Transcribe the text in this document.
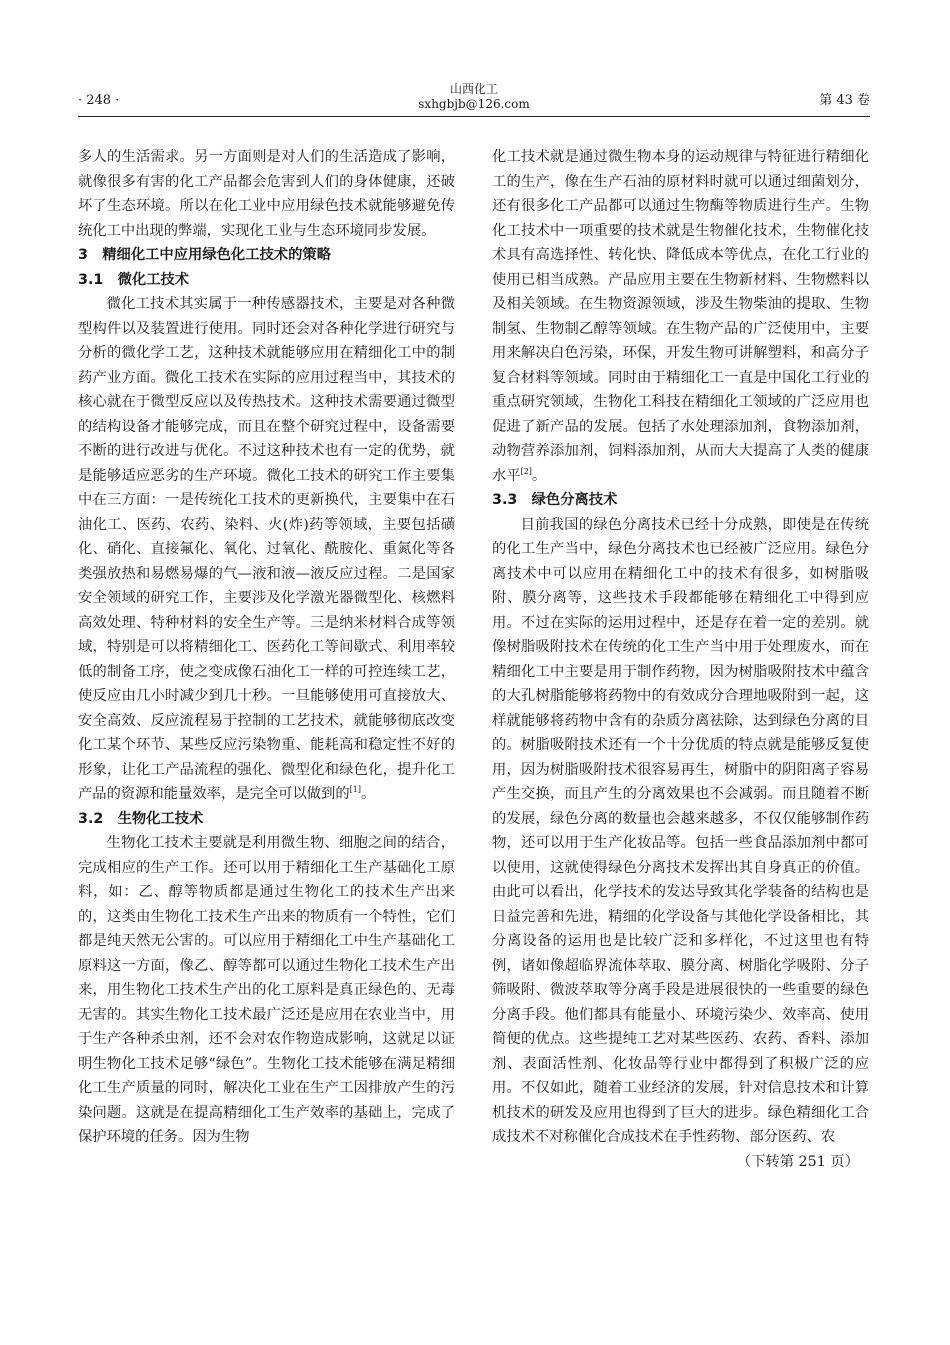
· 248 ·
山西化工
sxhgbjb@126.com	第 43 卷

多人的生活需求。另一方面则是对人们的生活造成了影响，就像很多有害的化工产品都会危害到人们的身体健康，还破坏了生态环境。所以在化工业中应用绿色技术就能够避免传统化工中出现的弊端，实现化工业与生态环境同步发展。

3 精细化工中应用绿色化工技术的策略
3.1 微化工技术

微化工技术其实属于一种传感器技术，主要是对各种微型构件以及装置进行使用。同时还会对各种化学进行研究与分析的微化学工艺，这种技术就能够应用在精细化工中的制药产业方面。微化工技术在实际的应用过程当中，其技术的核心就在于微型反应以及传热技术。这种技术需要通过微型的结构设备才能够完成，而且在整个研究过程中，设备需要不断的进行改进与优化。不过这种技术也有一定的优势，就是能够适应恶劣的生产环境。微化工技术的研究工作主要集中在三方面：一是传统化工技术的更新换代，主要集中在石油化工、医药、农药、染料、火(炸)药等领域，主要包括磺化、硝化、直接氟化、氧化、过氧化、酰胺化、重氮化等各类强放热和易燃易爆的气—液和液—液反应过程。二是国家安全领域的研究工作，主要涉及化学激光器微型化、核燃料高效处理、特种材料的安全生产等。三是纳米材料合成等领域，特别是可以将精细化工、医药化工等间歇式、利用率较低的制备工序，使之变成像石油化工一样的可控连续工艺，使反应由几小时减少到几十秒。一旦能够使用可直接放大、安全高效、反应流程易于控制的工艺技术，就能够彻底改变化工某个环节、某些反应污染物重、能耗高和稳定性不好的形象，让化工产品流程的强化、微型化和绿色化，提升化工产品的资源和能量效率，是完全可以做到的[1]。

3.2 生物化工技术

生物化工技术主要就是利用微生物、细胞之间的结合，完成相应的生产工作。还可以用于精细化工生产基础化工原料，如：乙、醇等物质都是通过生物化工的技术生产出来的，这类由生物化工技术生产出来的物质有一个特性，它们都是纯天然无公害的。可以应用于精细化工中生产基础化工原料这一方面，像乙、醇等都可以通过生物化工技术生产出来，用生物化工技术生产出的化工原料是真正绿色的、无毒无害的。其实生物化工技术最广泛还是应用在农业当中，用于生产各种杀虫剂，还不会对农作物造成影响，这就足以证明生物化工技术足够“绿色”。生物化工技术能够在满足精细化工生产质量的同时，解决化工业在生产工因排放产生的污染问题。这就是在提高精细化工生产效率的基础上，完成了保护环境的任务。因为生物

化工技术就是通过微生物本身的运动规律与特征进行精细化工的生产，像在生产石油的原材料时就可以通过细菌划分，还有很多化工产品都可以通过生物酶等物质进行生产。生物化工技术中一项重要的技术就是生物催化技术，生物催化技术具有高选择性、转化快、降低成本等优点，在化工行业的使用已相当成熟。产品应用主要在生物新材料、生物燃料以及相关领域。在生物资源领域，涉及生物柴油的提取、生物制氢、生物制乙醇等领域。在生物产品的广泛使用中，主要用来解决白色污染，环保，开发生物可讲解塑料，和高分子复合材料等领域。同时由于精细化工一直是中国化工行业的重点研究领域，生物化工科技在精细化工领域的广泛应用也促进了新产品的发展。包括了水处理添加剂，食物添加剂，动物营养添加剂，饲料添加剂，从而大大提高了人类的健康水平[2]。

3.3 绿色分离技术

目前我国的绿色分离技术已经十分成熟，即使是在传统的化工生产当中，绿色分离技术也已经被广泛应用。绿色分离技术中可以应用在精细化工中的技术有很多，如树脂吸附、膜分离等，这些技术手段都能够在精细化工中得到应用。不过在实际的运用过程中，还是存在着一定的差别。就像树脂吸附技术在传统的化工生产当中用于处理废水，而在精细化工中主要是用于制作药物，因为树脂吸附技术中蕴含的大孔树脂能够将药物中的有效成分合理地吸附到一起，这样就能够将药物中含有的杂质分离祛除，达到绿色分离的目的。树脂吸附技术还有一个十分优质的特点就是能够反复使用，因为树脂吸附技术很容易再生，树脂中的阴阳离子容易产生交换，而且产生的分离效果也不会减弱。而且随着不断的发展，绿色分离的数量也会越来越多，不仅仅能够制作药物，还可以用于生产化妆品等。包括一些食品添加剂中都可以使用，这就使得绿色分离技术发挥出其自身真正的价值。由此可以看出，化学技术的发达导致其化学装备的结构也是日益完善和先进，精细的化学设备与其他化学设备相比，其分离设备的运用也是比较广泛和多样化，不过这里也有特例，诸如像超临界流体萃取、膜分离、树脂化学吸附、分子筛吸附、微波萃取等分离手段是进展很快的一些重要的绿色分离手段。他们都具有能量小、环境污染少、效率高、使用简便的优点。这些提纯工艺对某些医药、农药、香料、添加剂、表面活性剂、化妆品等行业中都得到了积极广泛的应用。不仅如此，随着工业经济的发展，针对信息技术和计算机技术的研发及应用也得到了巨大的进步。绿色精细化工合成技术不对称催化合成技术在手性药物、部分医药、农

（下转第 251 页）
